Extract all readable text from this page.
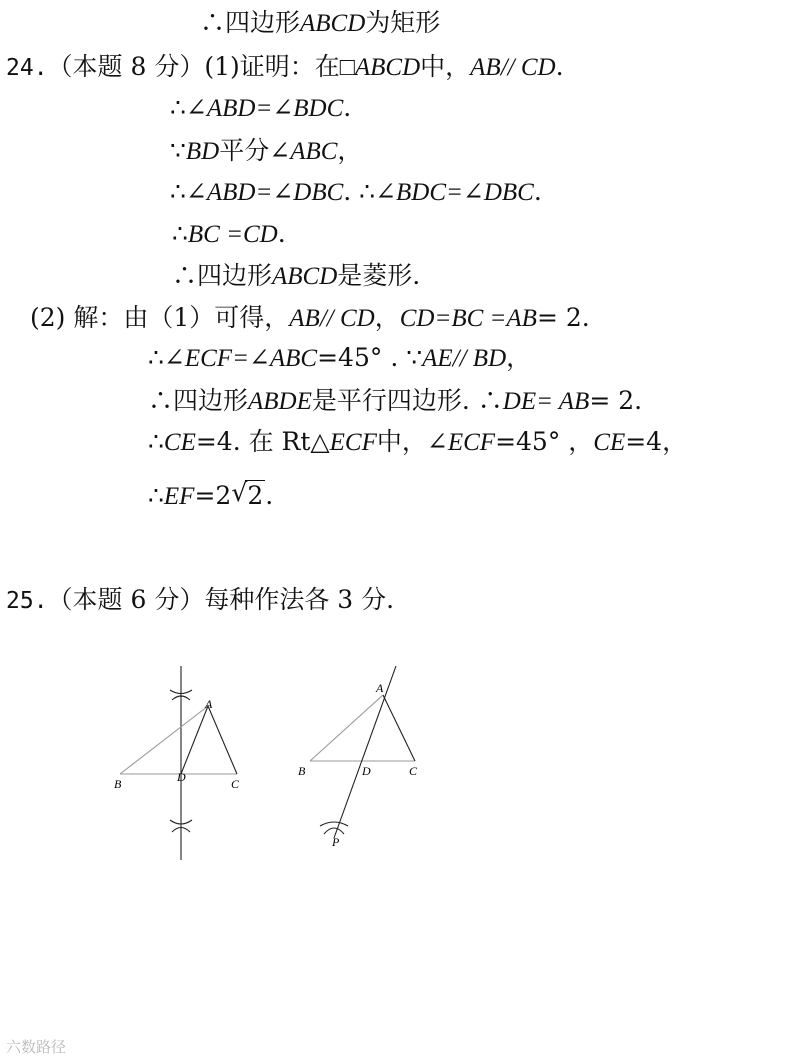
∴四边形ABCD为矩形
24.（本题 8 分）(1)证明：在□ABCD中，AB// CD.
∴∠ABD=∠BDC.
∵BD平分∠ABC，
∴∠ABD=∠DBC. ∴∠BDC=∠DBC.
∴BC =CD.
∴四边形ABCD是菱形.
(2) 解：由（1）可得，AB// CD，CD=BC =AB= 2.
∴∠ECF=∠ABC=45° . ∵AE// BD，
∴四边形ABDE是平行四边形. ∴DE= AB= 2.
∴CE=4. 在 Rt△ECF中，∠ECF=45° ，CE=4，
25.（本题 6 分）每种作法各 3 分.
∴EF=2 √ 2.
A
B	C
D
A
B	C
D
P
六数路径
